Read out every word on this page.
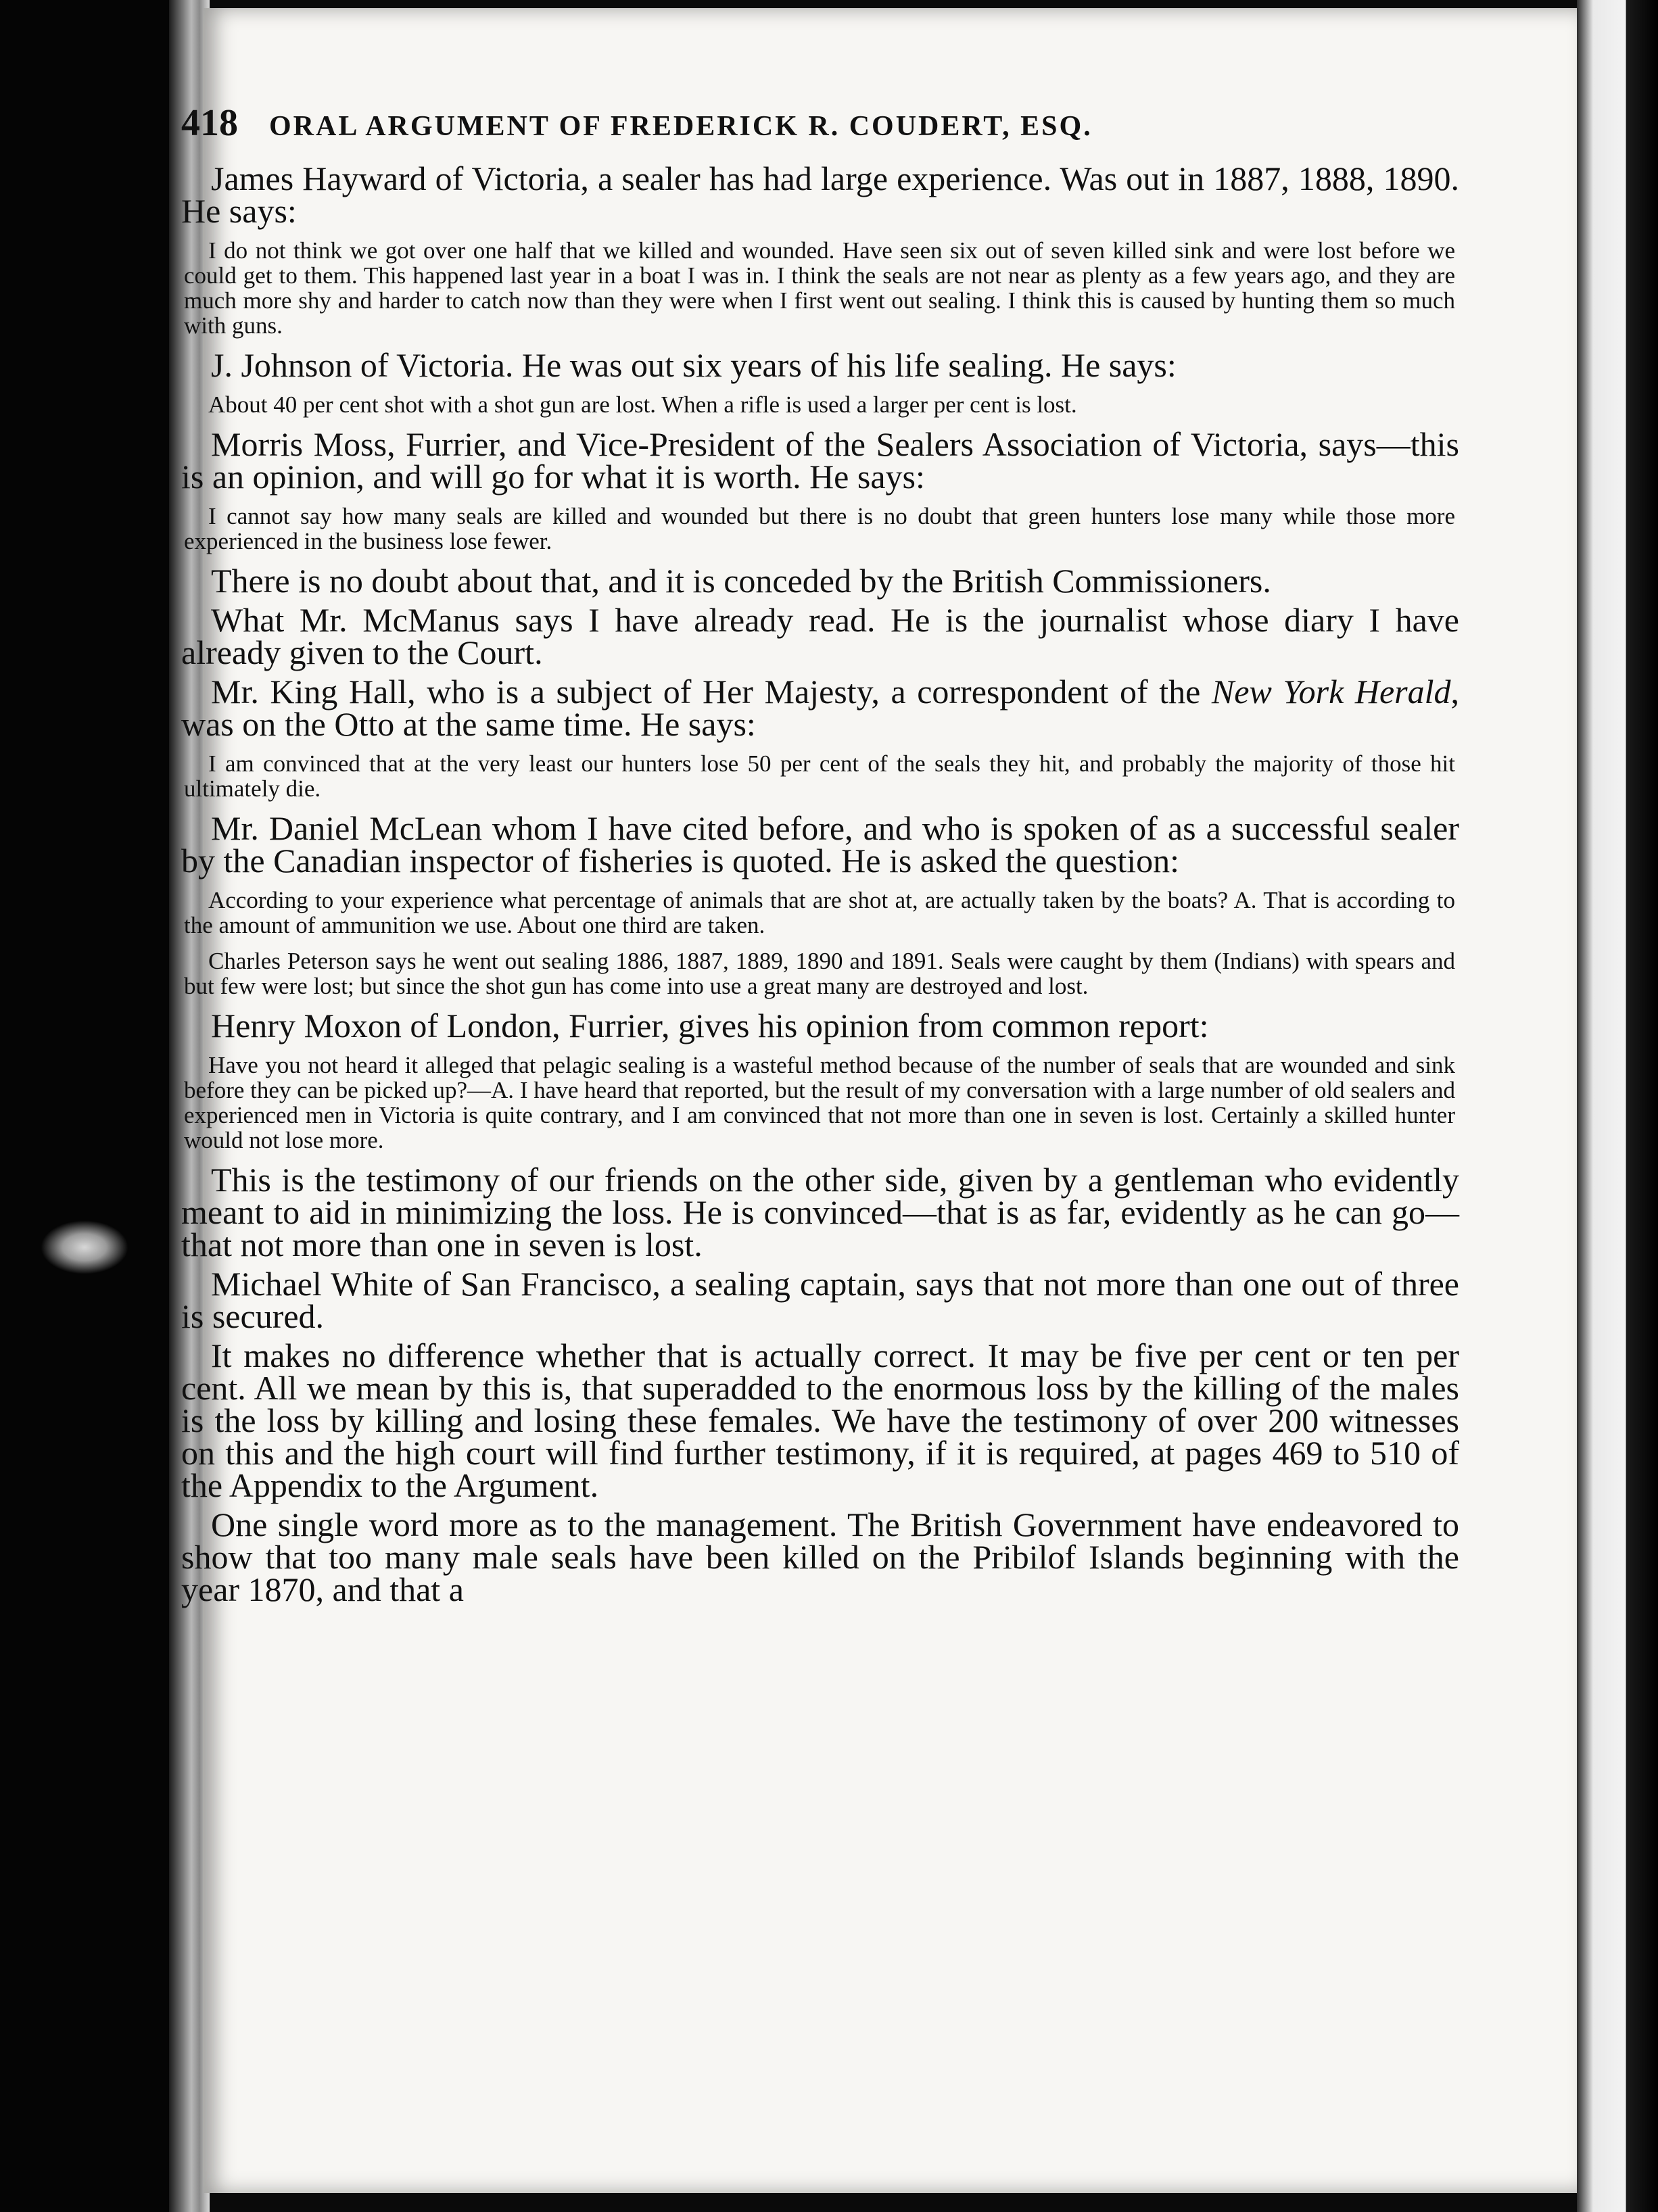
418 ORAL ARGUMENT OF FREDERICK R. COUDERT, ESQ.

James Hayward of Victoria, a sealer has had large experience. Was out in 1887, 1888, 1890. He says:

I do not think we got over one half that we killed and wounded. Have seen six out of seven killed sink and were lost before we could get to them. This happened last year in a boat I was in. I think the seals are not near as plenty as a few years ago, and they are much more shy and harder to catch now than they were when I first went out sealing. I think this is caused by hunting them so much with guns.

J. Johnson of Victoria. He was out six years of his life sealing. He says:

About 40 per cent shot with a shot gun are lost. When a rifle is used a larger per cent is lost.

Morris Moss, Furrier, and Vice-President of the Sealers Association of Victoria, says—this is an opinion, and will go for what it is worth. He says:

I cannot say how many seals are killed and wounded but there is no doubt that green hunters lose many while those more experienced in the business lose fewer.

There is no doubt about that, and it is conceded by the British Commissioners.

What Mr. McManus says I have already read. He is the journalist whose diary I have already given to the Court.

Mr. King Hall, who is a subject of Her Majesty, a correspondent of the New York Herald, was on the Otto at the same time. He says:

I am convinced that at the very least our hunters lose 50 per cent of the seals they hit, and probably the majority of those hit ultimately die.

Mr. Daniel McLean whom I have cited before, and who is spoken of as a successful sealer by the Canadian inspector of fisheries is quoted. He is asked the question:

According to your experience what percentage of animals that are shot at, are actually taken by the boats? A. That is according to the amount of ammunition we use. About one third are taken.

Charles Peterson says he went out sealing 1886, 1887, 1889, 1890 and 1891. Seals were caught by them (Indians) with spears and but few were lost; but since the shot gun has come into use a great many are destroyed and lost.

Henry Moxon of London, Furrier, gives his opinion from common report:

Have you not heard it alleged that pelagic sealing is a wasteful method because of the number of seals that are wounded and sink before they can be picked up?—A. I have heard that reported, but the result of my conversation with a large number of old sealers and experienced men in Victoria is quite contrary, and I am convinced that not more than one in seven is lost. Certainly a skilled hunter would not lose more.

This is the testimony of our friends on the other side, given by a gentleman who evidently meant to aid in minimizing the loss. He is convinced—that is as far, evidently as he can go—that not more than one in seven is lost.

Michael White of San Francisco, a sealing captain, says that not more than one out of three is secured.

It makes no difference whether that is actually correct. It may be five per cent or ten per cent. All we mean by this is, that superadded to the enormous loss by the killing of the males is the loss by killing and losing these females. We have the testimony of over 200 witnesses on this and the high court will find further testimony, if it is required, at pages 469 to 510 of the Appendix to the Argument.

One single word more as to the management. The British Government have endeavored to show that too many male seals have been killed on the Pribilof Islands beginning with the year 1870, and that a
